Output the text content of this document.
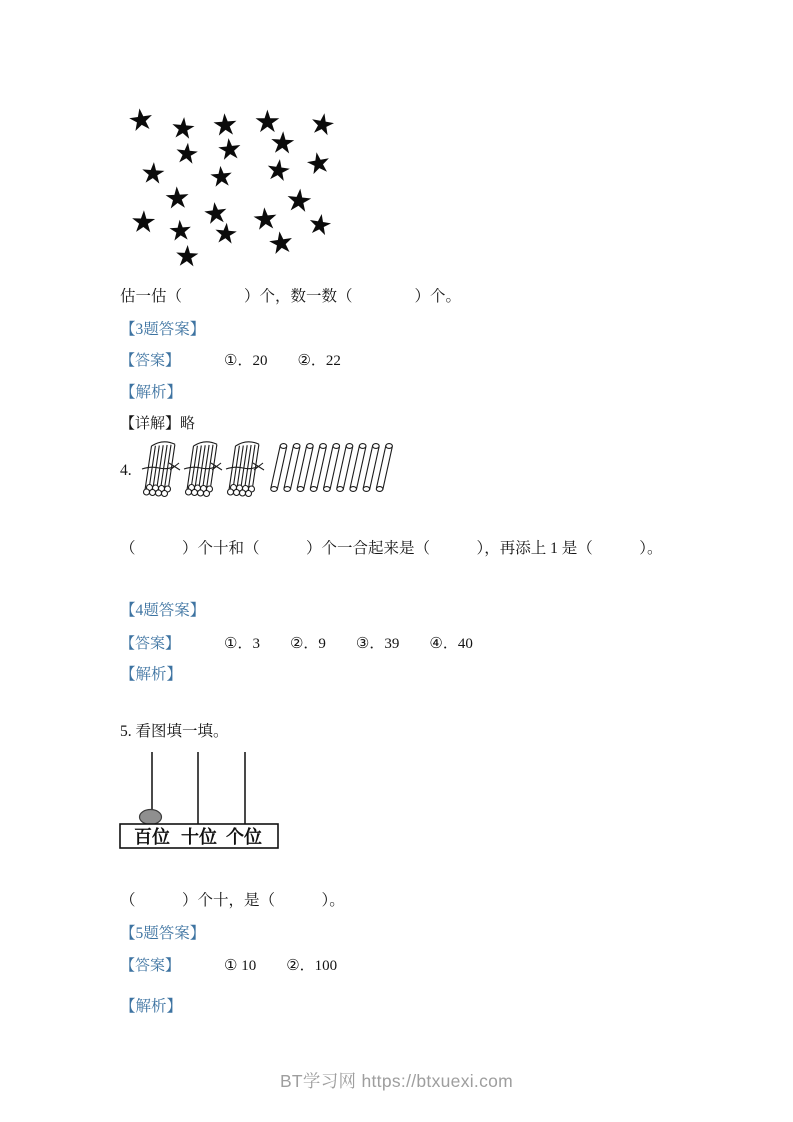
★ ★ ★ ★ ★
★ ★ ★
★
★ ★ ★
★	★
★
★	★ ★
★ ★ ★
★
估一估（　　　　）个，数一数（　　　　）个。
【3题答案】
【答案】	①．20 ②．22
【解析】
【详解】 略
4.
（　　　）个十和（　　　）个一合起来是（　　　），再添上 1 是（　　　）。
【4题答案】
【答案】	①．3 ②．9 ③．39 ④．40
【解析】
5. 看图填一填。
百位 十位 个位
（　　　）个十，是（　　　）。
【5题答案】
【答案】	① 10 ②．100
【解析】
BT学习网 https://btxuexi.com
